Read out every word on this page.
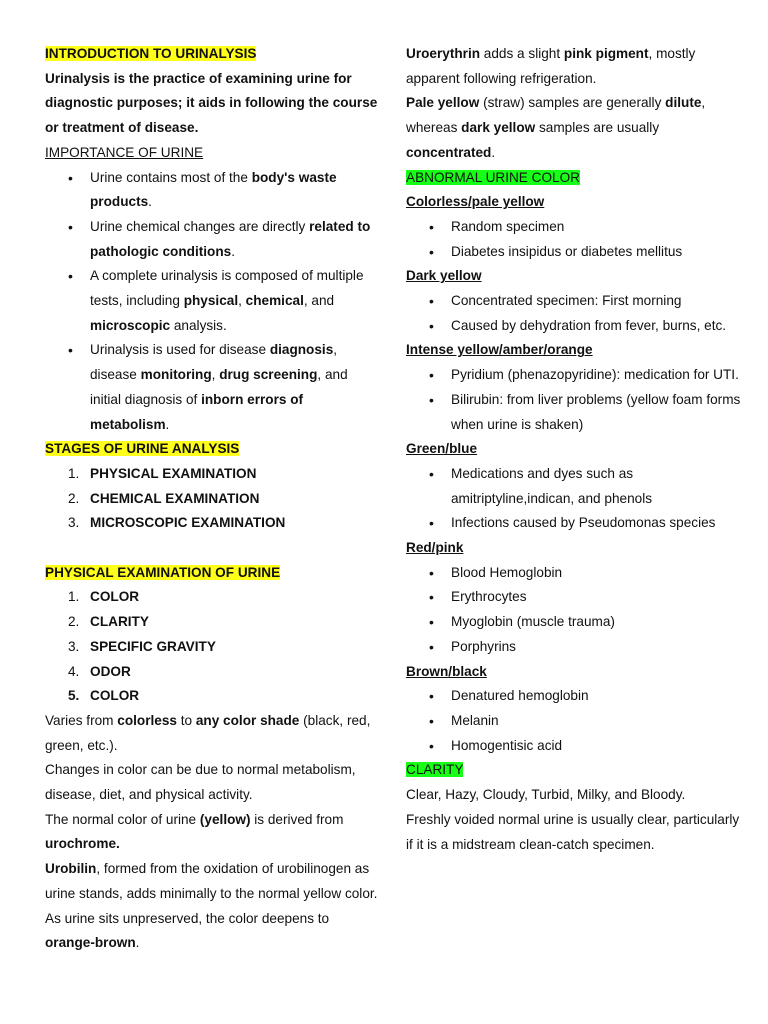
INTRODUCTION TO URINALYSIS

Urinalysis is the practice of examining urine for diagnostic purposes; it aids in following the course or treatment of disease.

IMPORTANCE OF URINE

• Urine contains most of the body's waste products.
• Urine chemical changes are directly related to pathologic conditions.
• A complete urinalysis is composed of multiple tests, including physical, chemical, and microscopic analysis.
• Urinalysis is used for disease diagnosis, disease monitoring, drug screening, and initial diagnosis of inborn errors of metabolism.

STAGES OF URINE ANALYSIS

1. PHYSICAL EXAMINATION
2. CHEMICAL EXAMINATION
3. MICROSCOPIC EXAMINATION

PHYSICAL EXAMINATION OF URINE

1. COLOR
2. CLARITY
3. SPECIFIC GRAVITY
4. ODOR
5. COLOR

Varies from colorless to any color shade (black, red, green, etc.).

Changes in color can be due to normal metabolism, disease, diet, and physical activity.

The normal color of urine (yellow) is derived from urochrome.

Urobilin, formed from the oxidation of urobilinogen as urine stands, adds minimally to the normal yellow color.

As urine sits unpreserved, the color deepens to orange-brown.

Uroerythrin adds a slight pink pigment, mostly apparent following refrigeration.

Pale yellow (straw) samples are generally dilute, whereas dark yellow samples are usually concentrated.

ABNORMAL URINE COLOR

Colorless/pale yellow

• Random specimen
• Diabetes insipidus or diabetes mellitus

Dark yellow

• Concentrated specimen: First morning
• Caused by dehydration from fever, burns, etc.

Intense yellow/amber/orange

• Pyridium (phenazopyridine): medication for UTI.
• Bilirubin: from liver problems (yellow foam forms when urine is shaken)

Green/blue

• Medications and dyes such as amitriptyline,indican, and phenols
• Infections caused by Pseudomonas species

Red/pink

• Blood Hemoglobin
• Erythrocytes
• Myoglobin (muscle trauma)
• Porphyrins

Brown/black

• Denatured hemoglobin
• Melanin
• Homogentisic acid

CLARITY

Clear, Hazy, Cloudy, Turbid, Milky, and Bloody.

Freshly voided normal urine is usually clear, particularly if it is a midstream clean-catch specimen.
